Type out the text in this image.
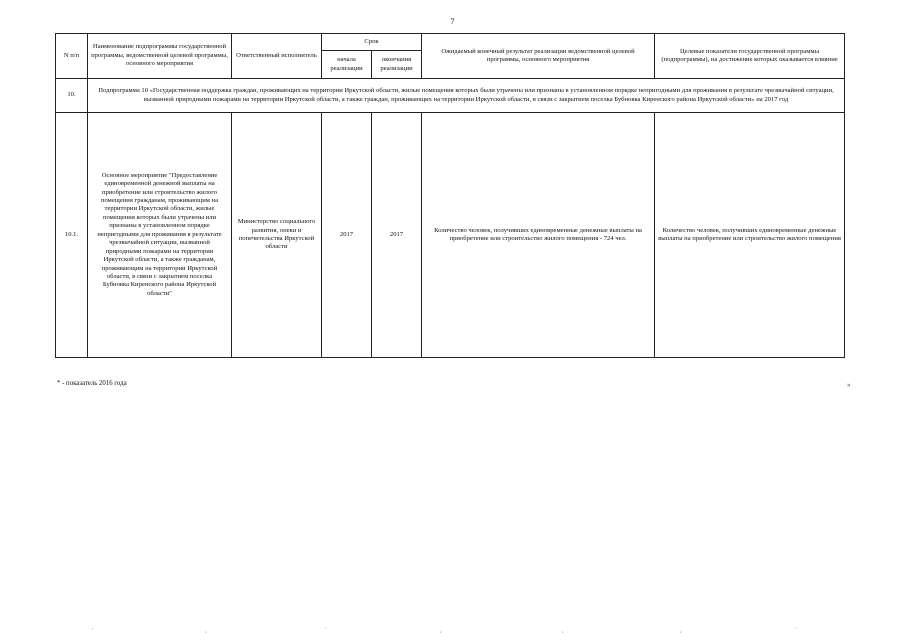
7
N п/п	Наименование подпрограммы государственной программы, ведомственной целевой программы, основного мероприятия	Ответственный исполнитель	Срок		Ожидаемый конечный результат реализации ведомственной целевой программы, основного мероприятия	Целевые показатели государственной программы (подпрограммы), на достижение которых оказывается влияние
			начала реализации	окончания реализации		
10.	Подпрограмма 10 «Государственная поддержка граждан, проживающих на территории Иркутской области, жилые помещения которых были утрачены или признаны в установленном порядке непригодными для проживания в результате чрезвычайной ситуации, вызванной природными пожарами на территории Иркутской области, а также граждан, проживающих на территории Иркутской области, в связи с закрытием поселка Бубновка Киренского района Иркутской области» на 2017 год					
10.1.	Основное мероприятие "Предоставление единовременной денежной выплаты на приобретение или строительство жилого помещения гражданам, проживающим на территории Иркутской области, жилые помещения которых были утрачены или признаны в установленном порядке непригодными для проживания в результате чрезвычайной ситуации, вызванной природными пожарами на территории Иркутской области, а также гражданам, проживающим на территории Иркутской области, в связи с закрытием поселка Бубновка Киренского района Иркутской области"	Министерство социального развития, опеки и попечительства Иркутской области	2017	2017	Количество человек, получивших единовременные денежные выплаты на приобретение или строительство жилого помещения - 724 чел.	Количество человек, получивших единовременные денежные выплаты на приобретение или строительство жилого помещения
* - показатель 2016 года	»
'	,	`	,	,	,	`
